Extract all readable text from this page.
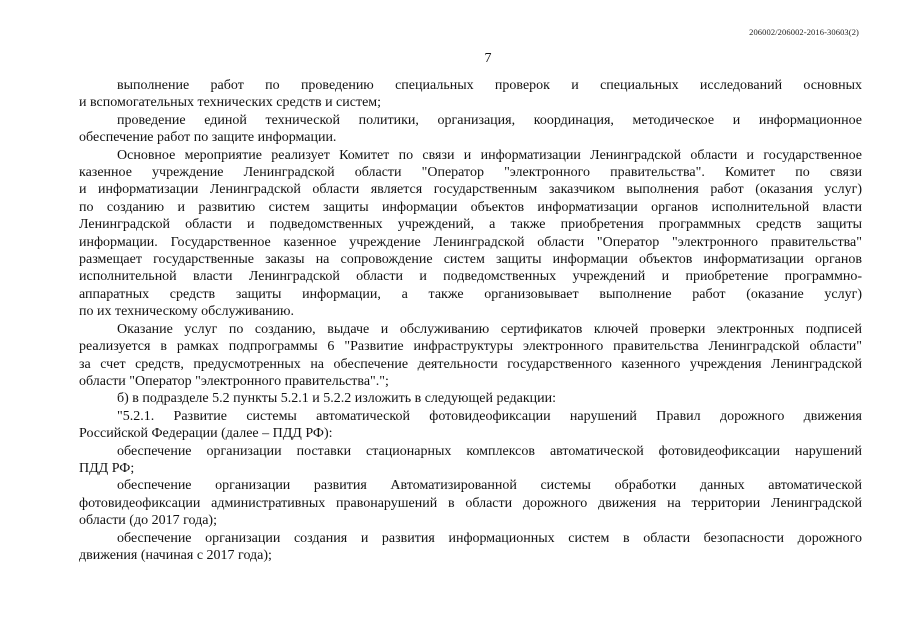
206002/206002-2016-30603(2)
7

выполнение работ по проведению специальных проверок и специальных исследований основных
и вспомогательных технических средств и систем;

проведение единой технической политики, организация, координация, методическое и информационное
обеспечение работ по защите информации.

Основное мероприятие реализует Комитет по связи и информатизации Ленинградской области и государственное
казенное учреждение Ленинградской области "Оператор "электронного правительства". Комитет по связи
и информатизации Ленинградской области является государственным заказчиком выполнения работ (оказания услуг)
по созданию и развитию систем защиты информации объектов информатизации органов исполнительной власти
Ленинградской области и подведомственных учреждений, а также приобретения программных средств защиты
информации. Государственное казенное учреждение Ленинградской области "Оператор "электронного правительства"
размещает государственные заказы на сопровождение систем защиты информации объектов информатизации органов
исполнительной власти Ленинградской области и подведомственных учреждений и приобретение программно-
аппаратных средств защиты информации, а также организовывает выполнение работ (оказание услуг)
по их техническому обслуживанию.

Оказание услуг по созданию, выдаче и обслуживанию сертификатов ключей проверки электронных подписей
реализуется в рамках подпрограммы 6 "Развитие инфраструктуры электронного правительства Ленинградской области"
за счет средств, предусмотренных на обеспечение деятельности государственного казенного учреждения Ленинградской
области "Оператор "электронного правительства".";

б) в подразделе 5.2 пункты 5.2.1 и 5.2.2 изложить в следующей редакции:

"5.2.1. Развитие системы автоматической фотовидеофиксации нарушений Правил дорожного движения
Российской Федерации (далее – ПДД РФ):

обеспечение организации поставки стационарных комплексов автоматической фотовидеофиксации нарушений
ПДД РФ;

обеспечение организации развития Автоматизированной системы обработки данных автоматической
фотовидеофиксации административных правонарушений в области дорожного движения на территории Ленинградской
области (до 2017 года);

обеспечение организации создания и развития информационных систем в области безопасности дорожного
движения (начиная с 2017 года);
